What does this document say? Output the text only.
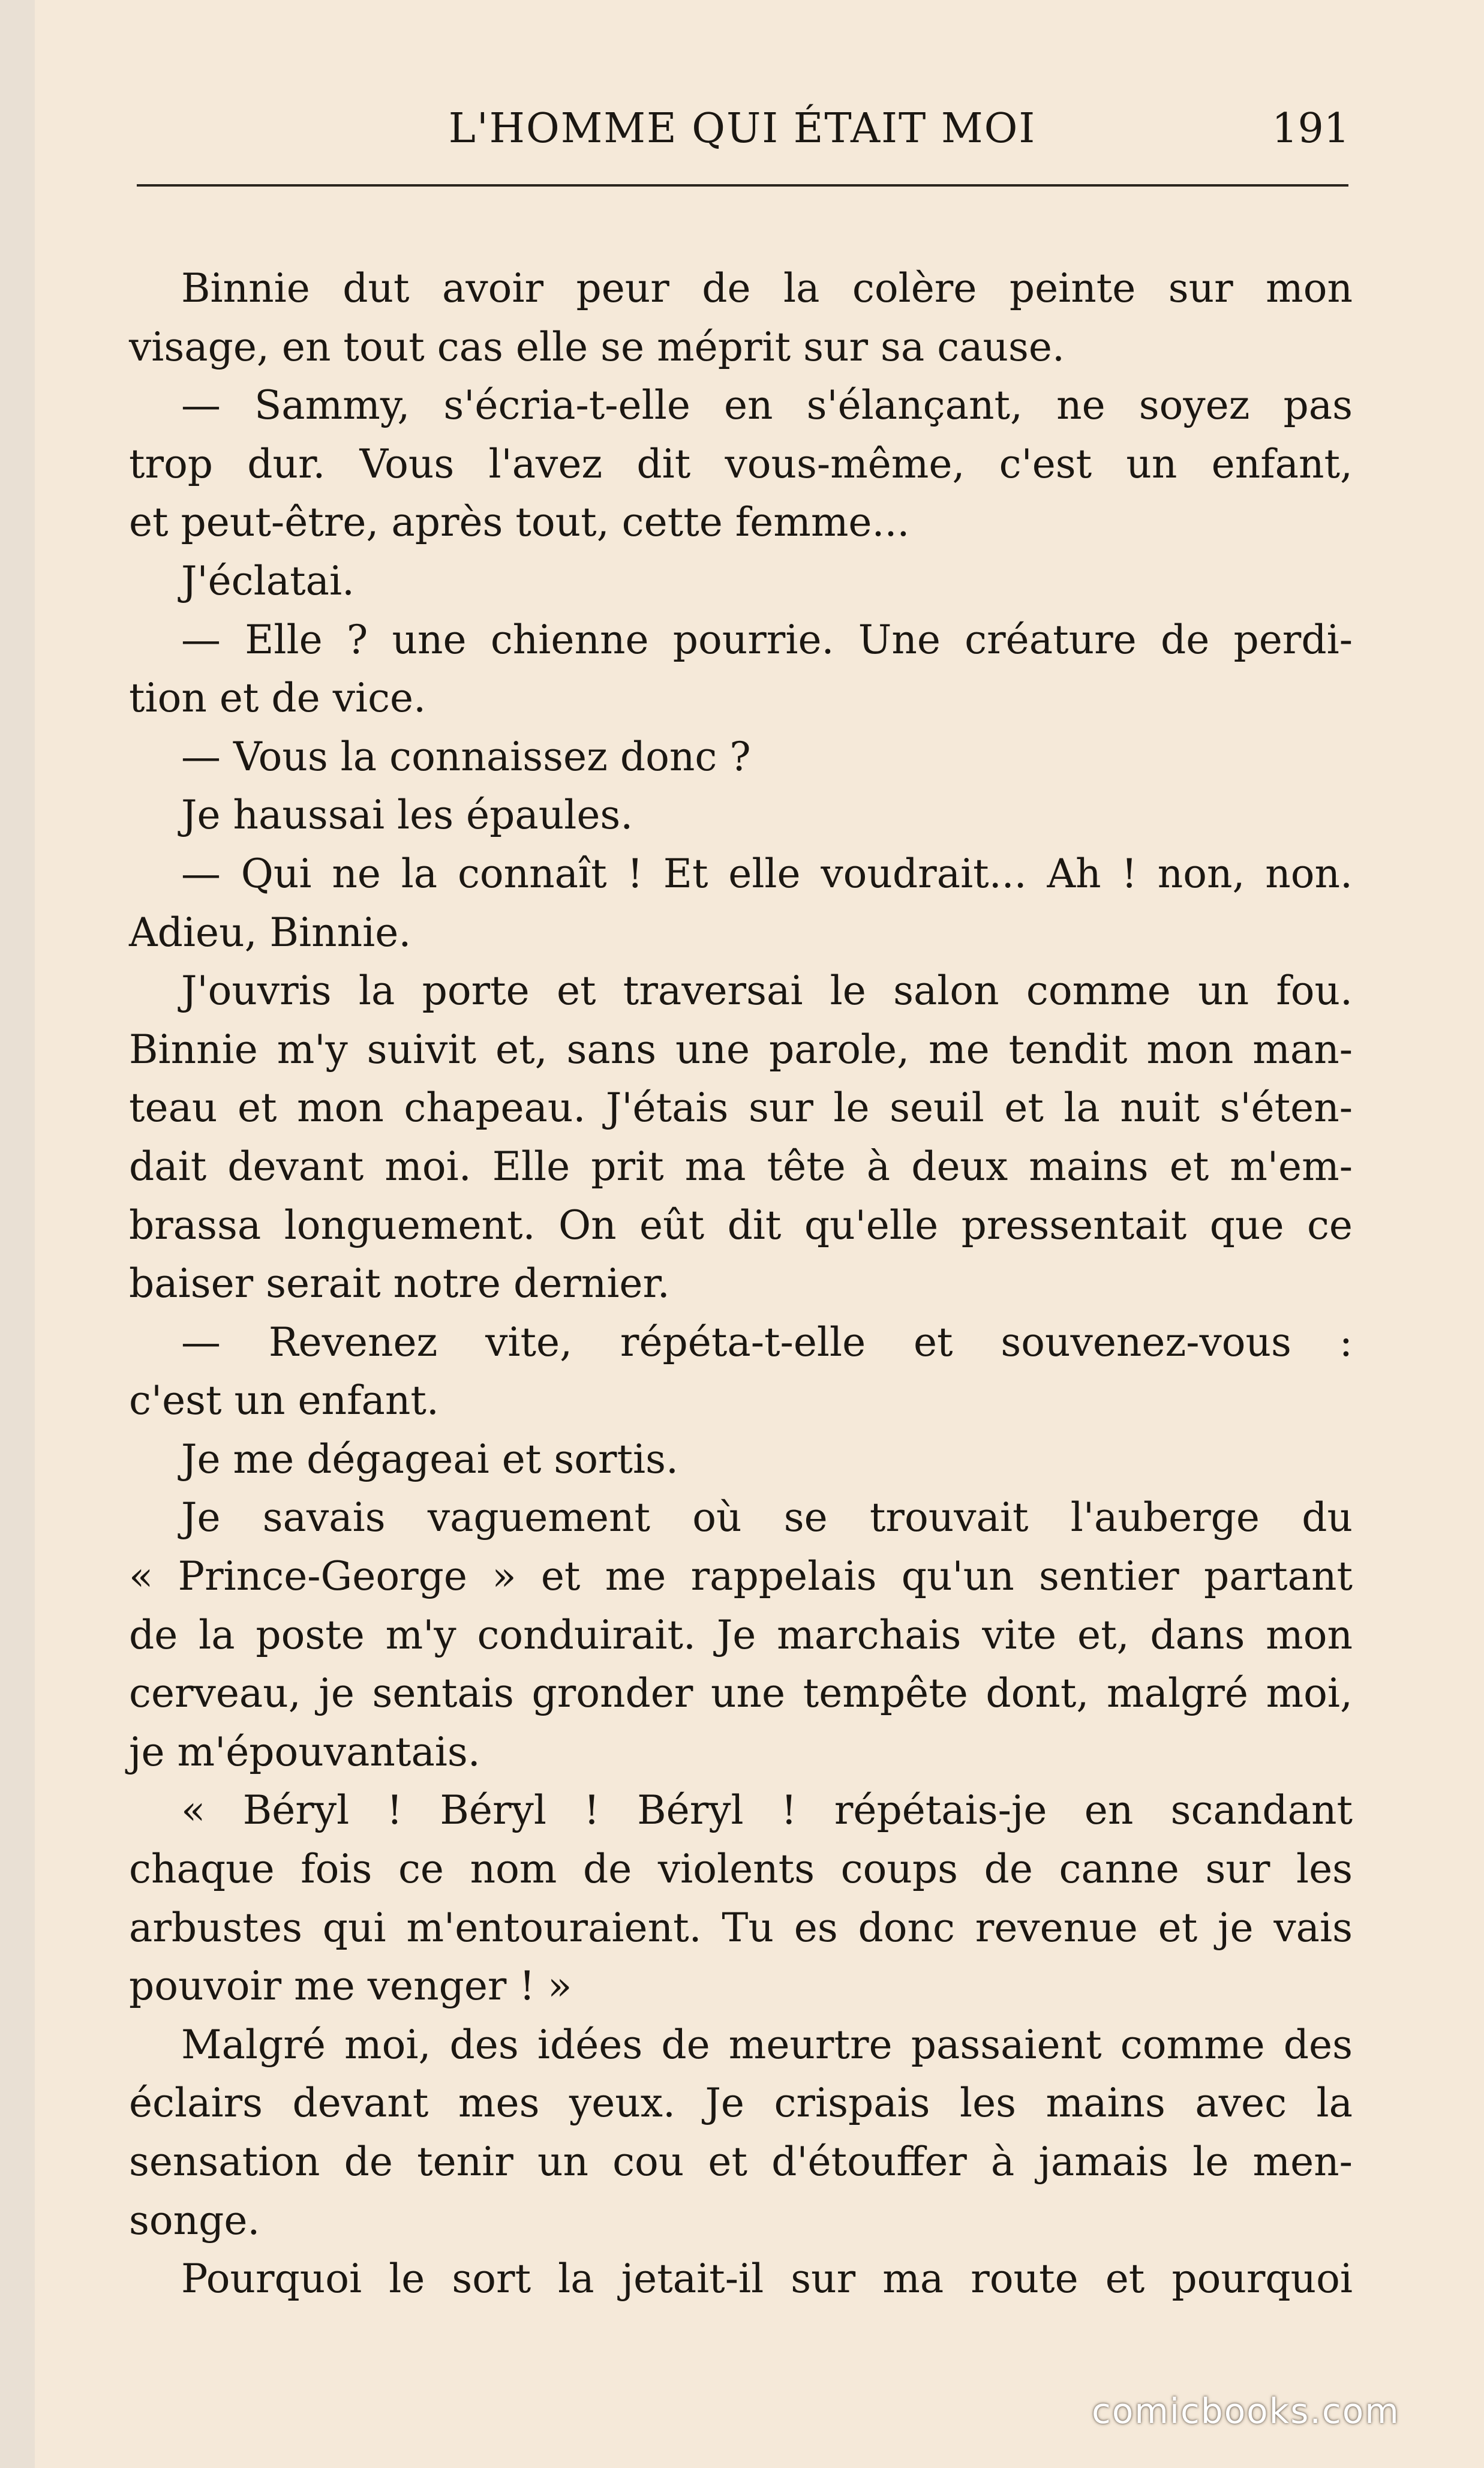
L'HOMME QUI ÉTAIT MOI	191
Binnie dut avoir peur de la colère peinte sur mon
visage, en tout cas elle se méprit sur sa cause.
— Sammy, s'écria-t-elle en s'élançant, ne soyez pas
trop dur. Vous l'avez dit vous-même, c'est un enfant,
et peut-être, après tout, cette femme...
J'éclatai.
— Elle ? une chienne pourrie. Une créature de perdi-
tion et de vice.
— Vous la connaissez donc ?
Je haussai les épaules.
— Qui ne la connaît ! Et elle voudrait... Ah ! non, non.
Adieu, Binnie.
J'ouvris la porte et traversai le salon comme un fou.
Binnie m'y suivit et, sans une parole, me tendit mon man-
teau et mon chapeau. J'étais sur le seuil et la nuit s'éten-
dait devant moi. Elle prit ma tête à deux mains et m'em-
brassa longuement. On eût dit qu'elle pressentait que ce
baiser serait notre dernier.
— Revenez vite, répéta-t-elle et souvenez-vous :
c'est un enfant.
Je me dégageai et sortis.
Je savais vaguement où se trouvait l'auberge du
« Prince-George » et me rappelais qu'un sentier partant
de la poste m'y conduirait. Je marchais vite et, dans mon
cerveau, je sentais gronder une tempête dont, malgré moi,
je m'épouvantais.
« Béryl ! Béryl ! Béryl ! répétais-je en scandant
chaque fois ce nom de violents coups de canne sur les
arbustes qui m'entouraient. Tu es donc revenue et je vais
pouvoir me venger ! »
Malgré moi, des idées de meurtre passaient comme des
éclairs devant mes yeux. Je crispais les mains avec la
sensation de tenir un cou et d'étouffer à jamais le men-
songe.
Pourquoi le sort la jetait-il sur ma route et pourquoi
comicbooks.com
